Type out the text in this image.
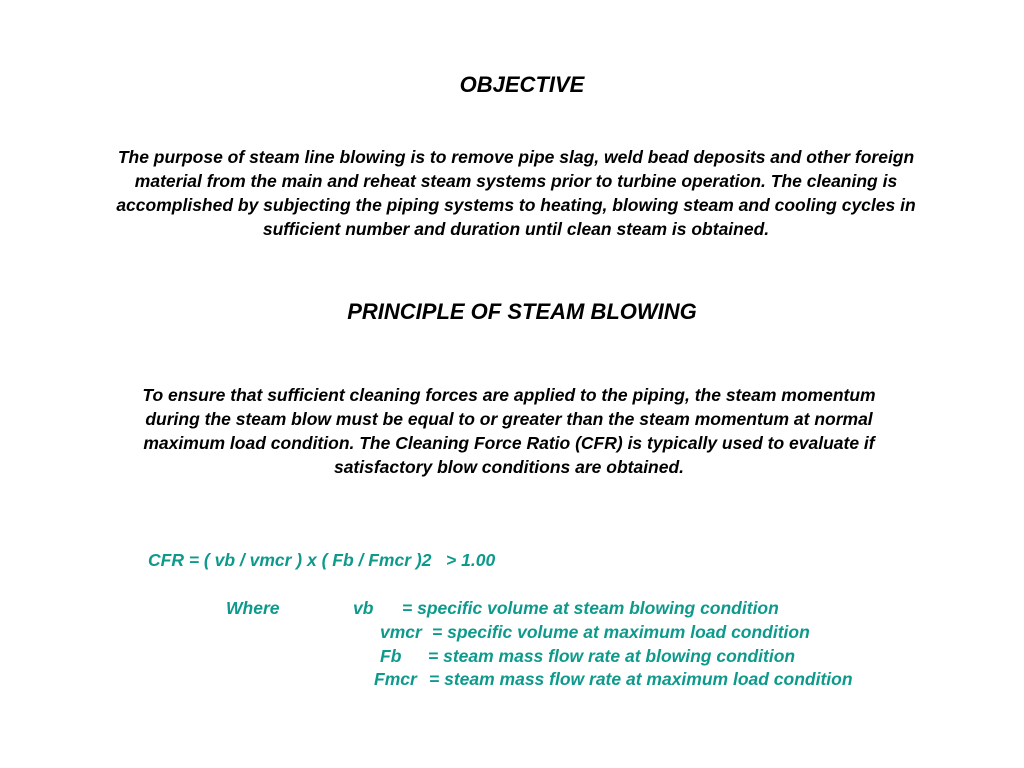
OBJECTIVE
The purpose of steam line blowing is to remove pipe slag, weld bead deposits and other foreign
material from the main and reheat steam systems prior to turbine operation. The cleaning is
accomplished by subjecting the piping systems to heating, blowing steam and cooling cycles in
sufficient number and duration until clean steam is obtained.
PRINCIPLE OF STEAM BLOWING
To ensure that sufficient cleaning forces are applied to the piping, the steam momentum
during the steam blow must be equal to or greater than the steam momentum at normal
maximum load condition. The Cleaning Force Ratio (CFR) is typically used to evaluate if
satisfactory blow conditions are obtained.
CFR = ( vb / vmcr ) x ( Fb / Fmcr )2   > 1.00
Where	vb = specific volume at steam blowing condition
vmcr = specific volume at maximum load condition
Fb = steam mass flow rate at blowing condition
Fmcr = steam mass flow rate at maximum load condition
